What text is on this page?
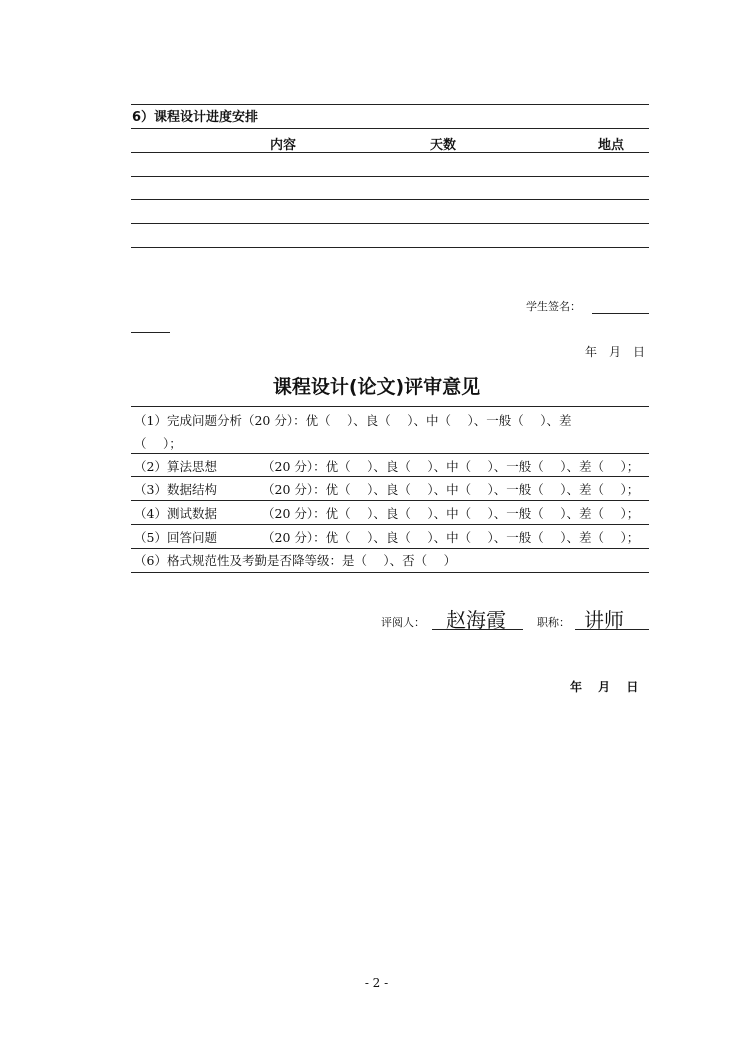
6）课程设计进度安排
内容	天数	地点
学生签名：
年　月　日
课程设计(论文)评审意见
（1）完成问题分析（20 分）：优（　 ）、良（　 ）、中（　 ）、一般（　 ）、差
（　 ）；
（2）算法思想	（20 分）：优（　 ）、良（　 ）、中（　 ）、一般（　 ）、差（　 ）；
（3）数据结构	（20 分）：优（　 ）、良（　 ）、中（　 ）、一般（　 ）、差（　 ）；
（4）测试数据	（20 分）：优（　 ）、良（　 ）、中（　 ）、一般（　 ）、差（　 ）；
（5）回答问题	（20 分）：优（　 ）、良（　 ）、中（　 ）、一般（　 ）、差（　 ）；
（6）格式规范性及考勤是否降等级：是（　 ）、否（　 ）
评阅人： 赵海霞	职称： 讲师
年　 月　 日
- 2 -
